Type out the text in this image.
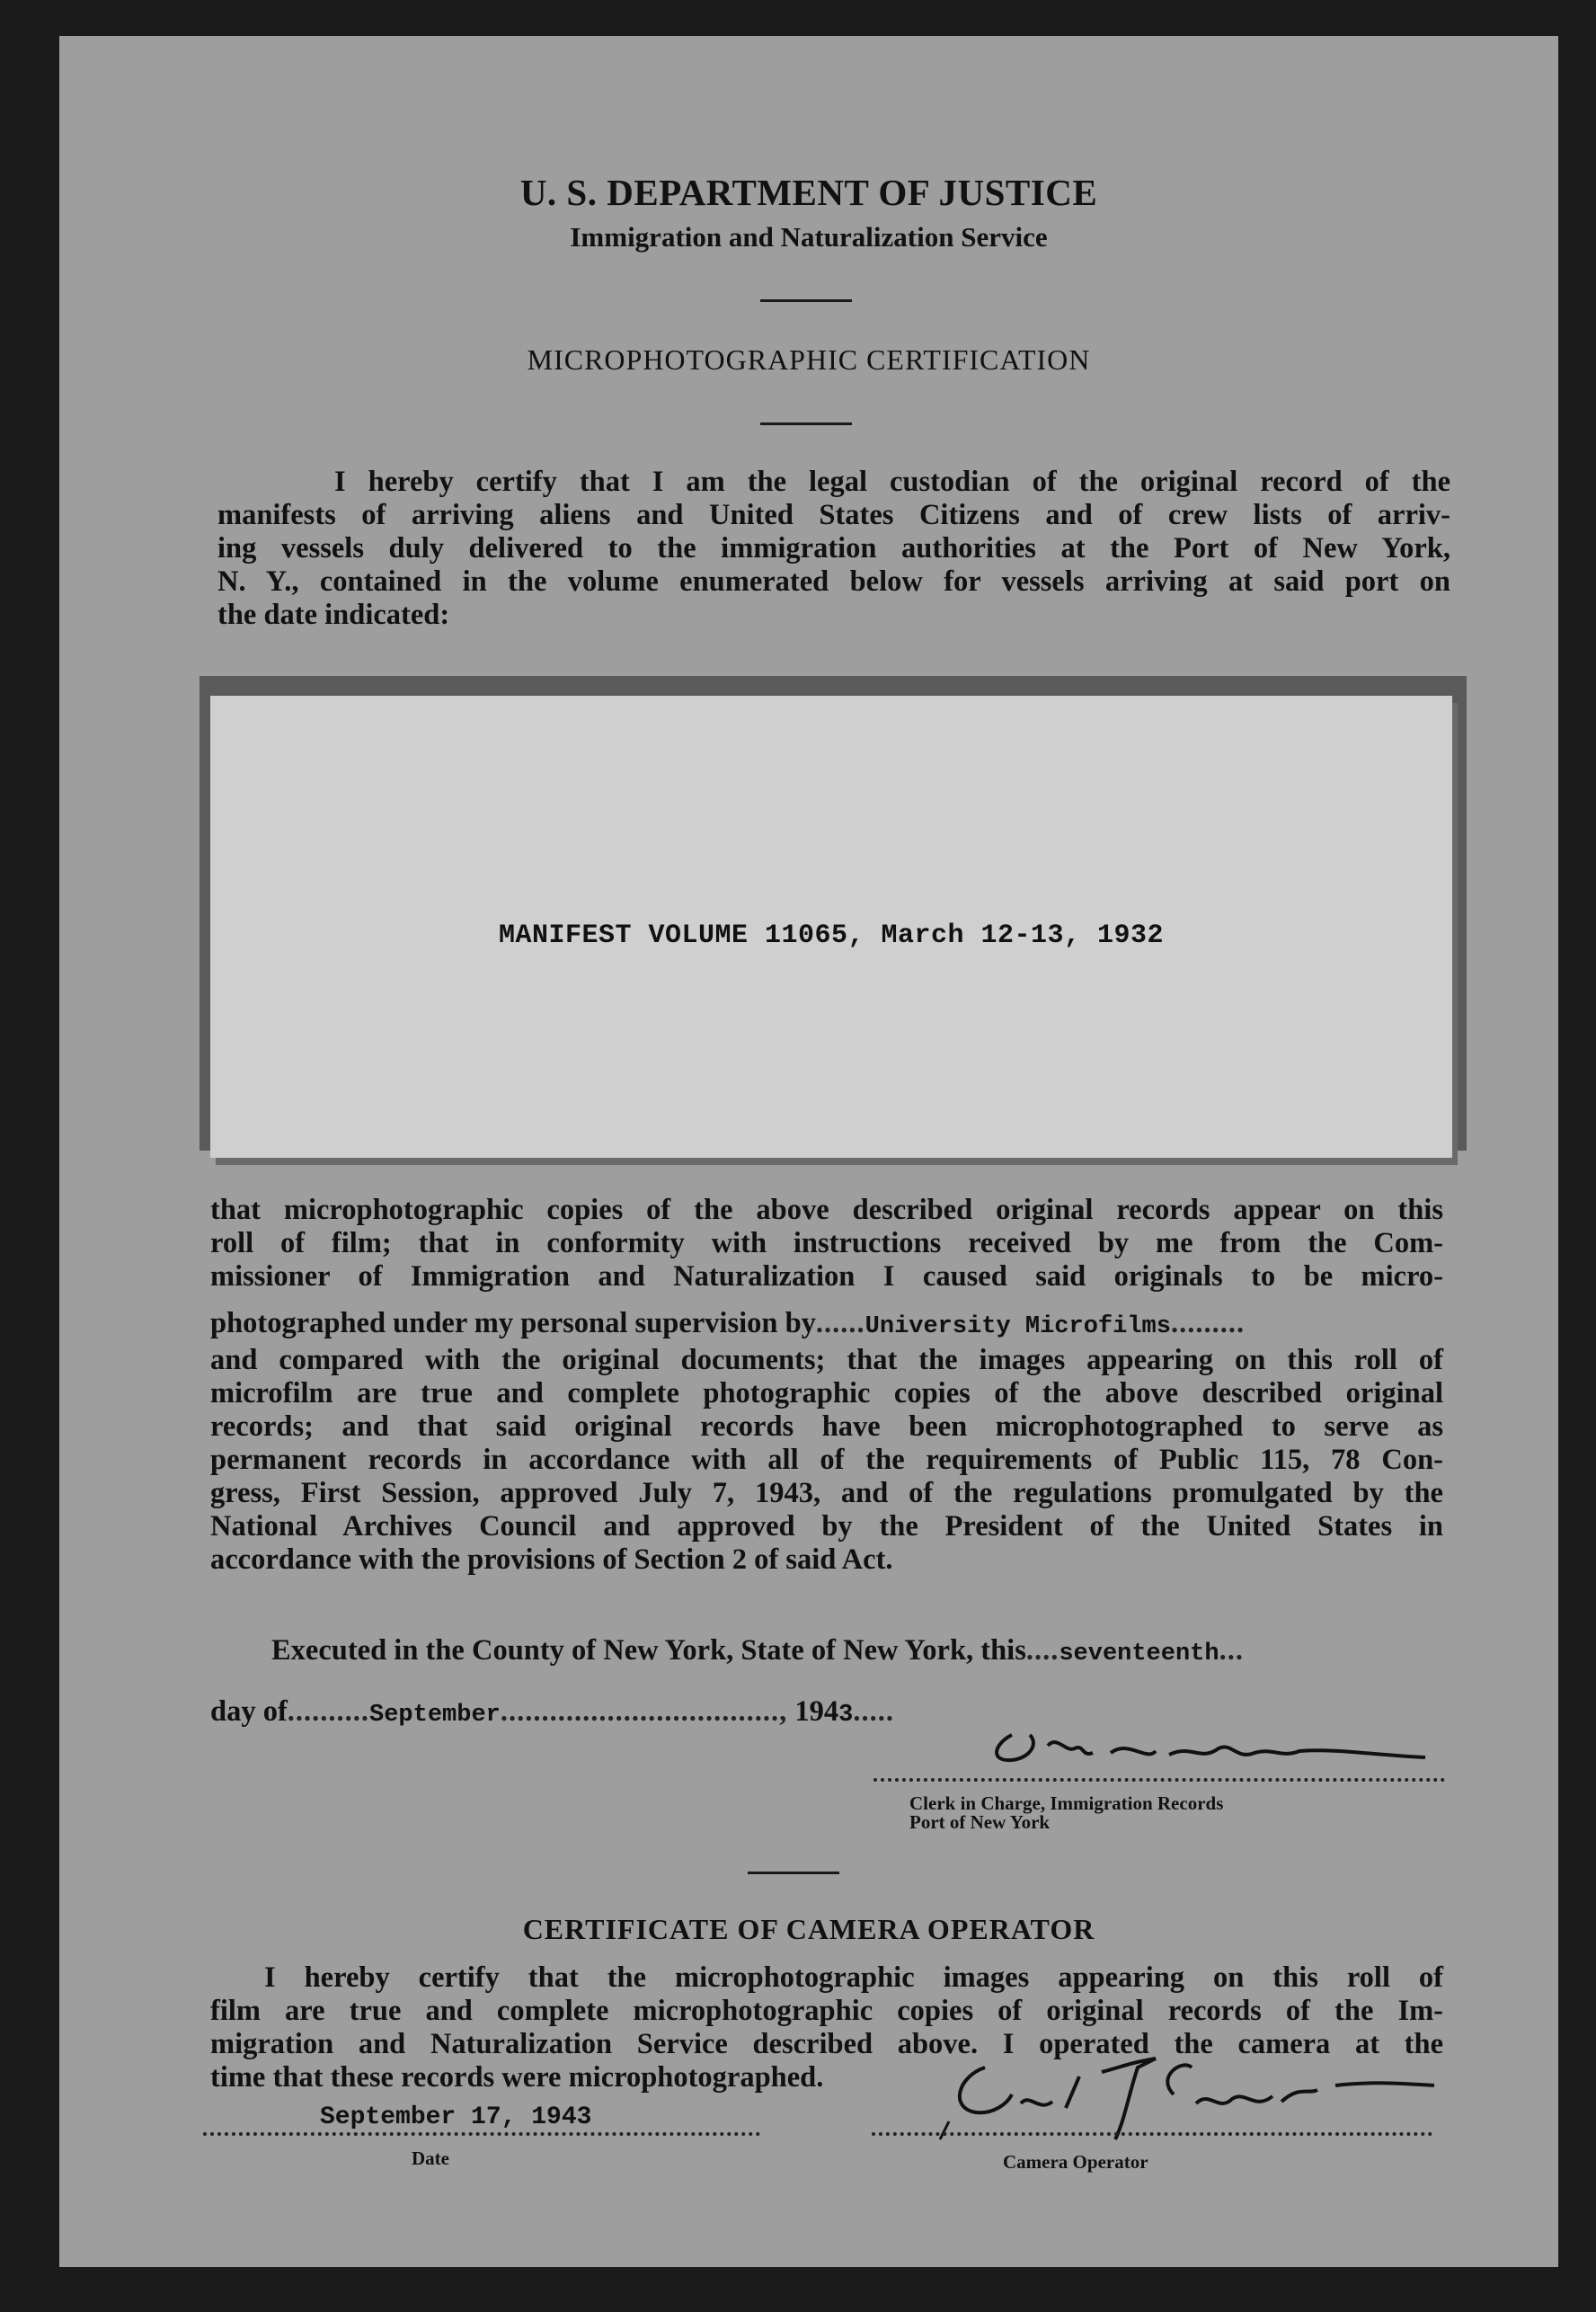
U. S. DEPARTMENT OF JUSTICE
Immigration and Naturalization Service
MICROPHOTOGRAPHIC CERTIFICATION
I hereby certify that I am the legal custodian of the original record of the
manifests of arriving aliens and United States Citizens and of crew lists of arriv-
ing vessels duly delivered to the immigration authorities at the Port of New York,
N. Y., contained in the volume enumerated below for vessels arriving at said port on
the date indicated:
MANIFEST VOLUME 11065, March 12-13, 1932
that microphotographic copies of the above described original records appear on this
roll of film; that in conformity with instructions received by me from the Com-
missioner of Immigration and Naturalization I caused said originals to be micro-
photographed under my personal supervision by......University Microfilms.........
and compared with the original documents; that the images appearing on this roll of
microfilm are true and complete photographic copies of the above described original
records; and that said original records have been microphotographed to serve as
permanent records in accordance with all of the requirements of Public 115, 78 Con-
gress, First Session, approved July 7, 1943, and of the regulations promulgated by the
National Archives Council and approved by the President of the United States in
accordance with the provisions of Section 2 of said Act.
Executed in the County of New York, State of New York, this....seventeenth...
day of..........September.................................., 1943.....
Clerk in Charge, Immigration Records
Port of New York
CERTIFICATE OF CAMERA OPERATOR
I hereby certify that the microphotographic images appearing on this roll of
film are true and complete microphotographic copies of original records of the Im-
migration and Naturalization Service described above. I operated the camera at the
time that these records were microphotographed.
September 17, 1943
Date	Camera Operator
